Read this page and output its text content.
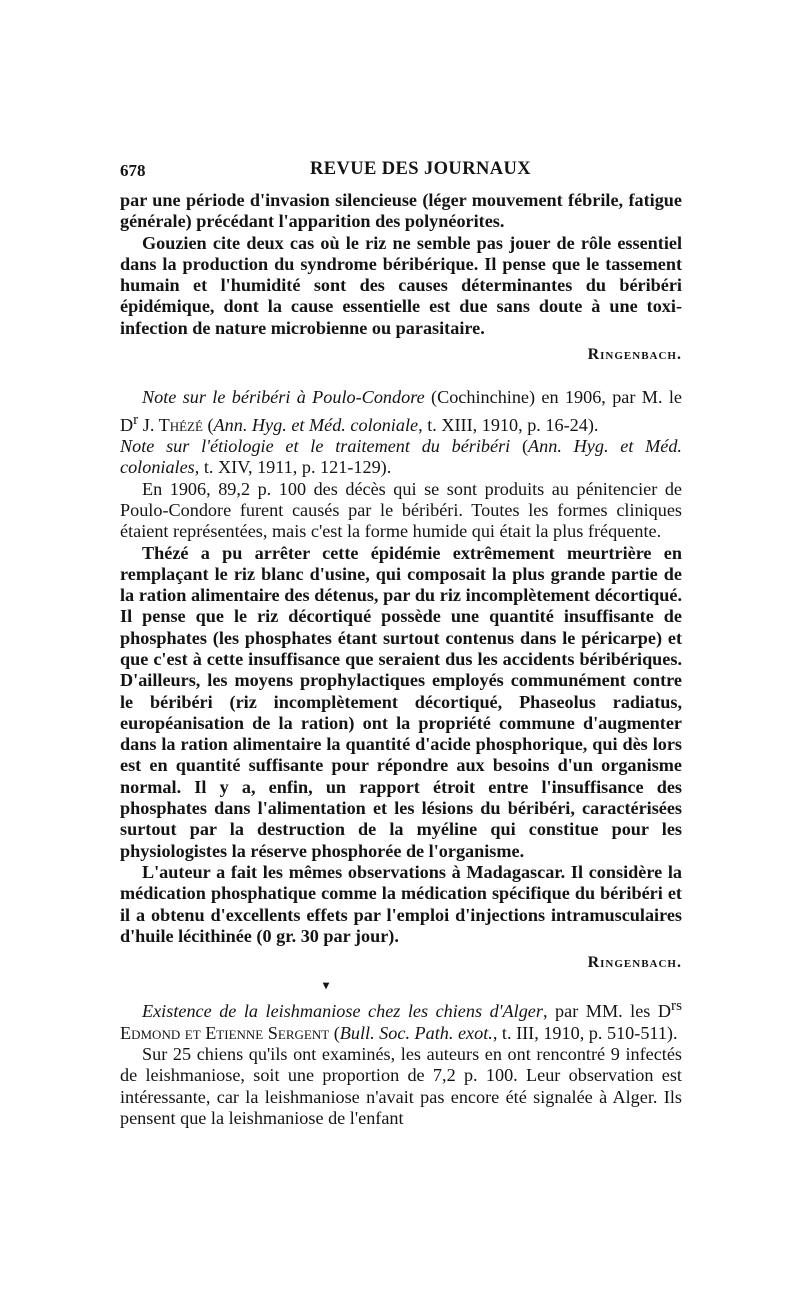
678	REVUE DES JOURNAUX

par une période d'invasion silencieuse (léger mouvement fébrile, fatigue générale) précédant l'apparition des polynéorites.

Gouzien cite deux cas où le riz ne semble pas jouer de rôle essentiel dans la production du syndrome béribérique. Il pense que le tassement humain et l'humidité sont des causes déterminantes du béribéri épidémique, dont la cause essentielle est due sans doute à une toxi-infection de nature microbienne ou parasitaire.

Ringenbach.

Note sur le béribéri à Poulo-Condore (Cochinchine) en 1906, par M. le $D^r$ J. Thézé (Ann. Hyg. et Méd. coloniale, t. XIII, 1910, p. 16-24).

Note sur l'étiologie et le traitement du béribéri (Ann. Hyg. et Méd. coloniales, t. XIV, 1911, p. 121-129).

En 1906, 89,2 p. 100 des décès qui se sont produits au pénitencier de Poulo-Condore furent causés par le béribéri. Toutes les formes cliniques étaient représentées, mais c'est la forme humide qui était la plus fréquente.

Thézé a pu arrêter cette épidémie extrêmement meurtrière en remplaçant le riz blanc d'usine, qui composait la plus grande partie de la ration alimentaire des détenus, par du riz incomplètement décortiqué. Il pense que le riz décortiqué possède une quantité insuffisante de phosphates (les phosphates étant surtout contenus dans le péricarpe) et que c'est à cette insuffisance que seraient dus les accidents béribériques. D'ailleurs, les moyens prophylactiques employés communément contre le béribéri (riz incomplètement décortiqué, Phaseolus radiatus, européanisation de la ration) ont la propriété commune d'augmenter dans la ration alimentaire la quantité d'acide phosphorique, qui dès lors est en quantité suffisante pour répondre aux besoins d'un organisme normal. Il y a, enfin, un rapport étroit entre l'insuffisance des phosphates dans l'alimentation et les lésions du béribéri, caractérisées surtout par la destruction de la myéline qui constitue pour les physiologistes la réserve phosphorée de l'organisme.

L'auteur a fait les mêmes observations à Madagascar. Il considère la médication phosphatique comme la médication spécifique du béribéri et il a obtenu d'excellents effets par l'emploi d'injections intramusculaires d'huile lécithinée (0 gr. 30 par jour).

Ringenbach.

▾

Existence de la leishmaniose chez les chiens d'Alger, par MM. les $D^{rs}$ Edmond et Etienne Sergent (Bull. Soc. Path. exot., t. III, 1910, p. 510-511).

Sur 25 chiens qu'ils ont examinés, les auteurs en ont rencontré 9 infectés de leishmaniose, soit une proportion de 7,2 p. 100. Leur observation est intéressante, car la leishmaniose n'avait pas encore été signalée à Alger. Ils pensent que la leishmaniose de l'enfant
